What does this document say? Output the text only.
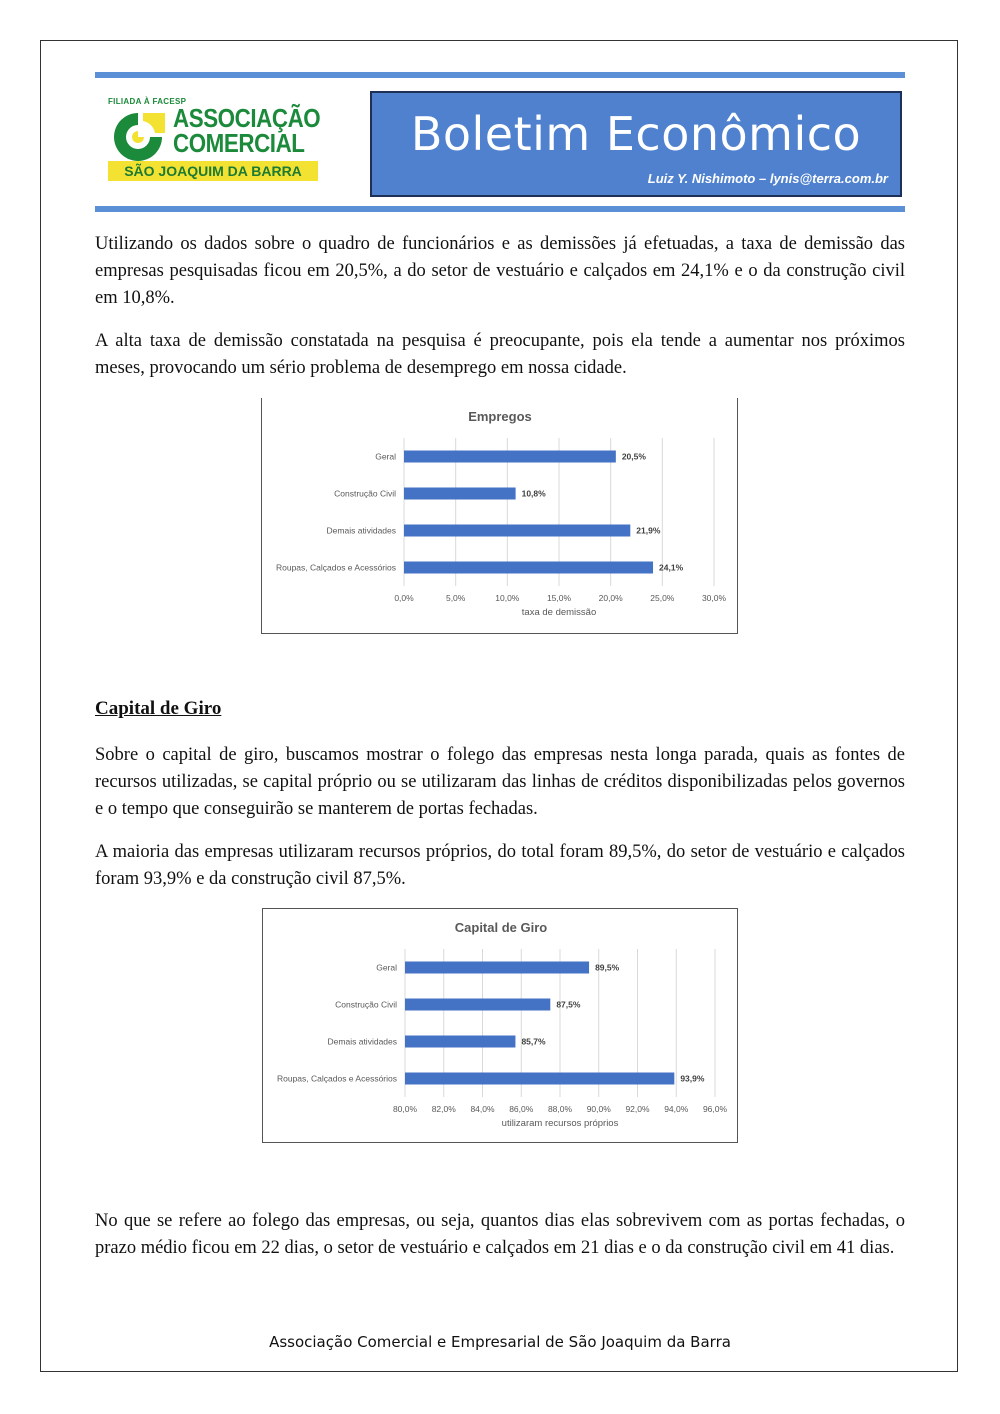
FILIADA À FACESP
ASSOCIAÇÃO
COMERCIAL
SÃO JOAQUIM DA BARRA
Boletim Econômico
Luiz Y. Nishimoto – lynis@terra.com.br

Utilizando os dados sobre o quadro de funcionários e as demissões já efetuadas, a taxa de demissão das empresas pesquisadas ficou em 20,5%, a do setor de vestuário e calçados em 24,1% e o da construção civil em 10,8%.

A alta taxa de demissão constatada na pesquisa é preocupante, pois ela tende a aumentar nos próximos meses, provocando um sério problema de desemprego em nossa cidade.

Empregos
0,0%	5,0%	10,0%	15,0%	20,0%	25,0%	30,0%
Geral	20,5%
Construção Civil	10,8%
Demais atividades	21,9%
Roupas, Calçados e Acessórios	24,1%
taxa de demissão
Capital de Giro

Sobre o capital de giro, buscamos mostrar o folego das empresas nesta longa parada, quais as fontes de recursos utilizadas, se capital próprio ou se utilizaram das linhas de créditos disponibilizadas pelos governos e o tempo que conseguirão se manterem de portas fechadas.

A maioria das empresas utilizaram recursos próprios, do total foram 89,5%, do setor de vestuário e calçados foram 93,9% e da construção civil 87,5%.

Capital de Giro
80,0% 82,0% 84,0% 86,0% 88,0% 90,0% 92,0% 94,0% 96,0%
Geral	89,5%
Construção Civil	87,5%
Demais atividades	85,7%
Roupas, Calçados e Acessórios	93,9%
utilizaram recursos próprios

No que se refere ao folego das empresas, ou seja, quantos dias elas sobrevivem com as portas fechadas, o prazo médio ficou em 22 dias, o setor de vestuário e calçados em 21 dias e o da construção civil em 41 dias.

Associação Comercial e Empresarial de São Joaquim da Barra
